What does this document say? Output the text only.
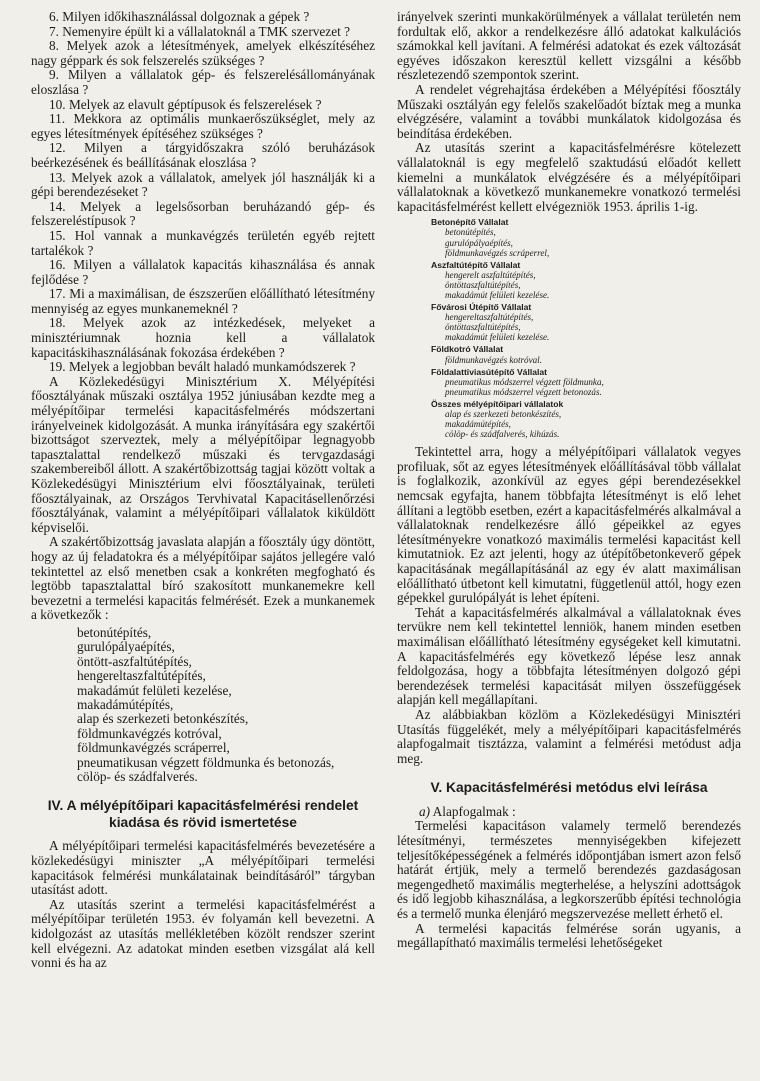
6. Milyen időkihasználással dolgoznak a gépek ?

7. Nemenyire épült ki a vállalatoknál a TMK szervezet ?

8. Melyek azok a létesítmények, amelyek elkészítéséhez nagy géppark és sok felszerelés szükséges ?

9. Milyen a vállalatok gép- és felszerelésállományának eloszlása ?

10. Melyek az elavult géptípusok és felszerelések ?

11. Mekkora az optimális munkaerőszükséglet, mely az egyes létesítmények építéséhez szükséges ?

12. Milyen a tárgyidőszakra szóló beruházások beérkezésének és beállításának eloszlása ?

13. Melyek azok a vállalatok, amelyek jól használják ki a gépi berendezéseket ?

14. Melyek a legelsősorban beruházandó gép- és felszereléstípusok ?

15. Hol vannak a munkavégzés területén egyéb rejtett tartalékok ?

16. Milyen a vállalatok kapacitás kihasználása és annak fejlődése ?

17. Mi a maximálisan, de észszerűen előállítható létesítmény mennyiség az egyes munkanemeknél ?

18. Melyek azok az intézkedések, melyeket a minisztériumnak hoznia kell a vállalatok kapacitáskihasználásának fokozása érdekében ?

19. Melyek a legjobban bevált haladó munkamódszerek ?

A Közlekedésügyi Minisztérium X. Mélyépítési főosztályának műszaki osztálya 1952 júniusában kezdte meg a mélyépítőipar termelési kapacitásfelmérés módszertani irányelveinek kidolgozását. A munka irányítására egy szakértői bizottságot szerveztek, mely a mélyépítőipar legnagyobb tapasztalattal rendelkező műszaki és tervgazdasági szakembereiből állott. A szakértőbizottság tagjai között voltak a Közlekedésügyi Minisztérium elvi főosztályainak, területi főosztályainak, az Országos Tervhivatal Kapacitásellenőrzési főosztályának, valamint a mélyépítőipari vállalatok kiküldött képviselői.

A szakértőbizottság javaslata alapján a főosztály úgy döntött, hogy az új feladatokra és a mélyépítőipar sajátos jellegére való tekintettel az első menetben csak a konkréten megfogható és legtöbb tapasztalattal bíró szakosított munkanemekre kell bevezetni a termelési kapacitás felmérését. Ezek a munkanemek a következők :

betonútépítés,
gurulópályaépítés,
öntött-aszfaltútépítés,
hengereltaszfaltútépítés,
makadámút felületi kezelése,
makadámútépítés,
alap és szerkezeti betonkészítés,
földmunkavégzés kotróval,
földmunkavégzés scráperrel,
pneumatikusan végzett földmunka és betonozás,
cölöp- és szádfalverés.
IV. A mélyépítőipari kapacitásfelmérési rendelet kiadása és rövid ismertetése

A mélyépítőipari termelési kapacitásfelmérés bevezetésére a közlekedésügyi miniszter „A mélyépítőipari termelési kapacitások felmérési munkálatainak beindításáról” tárgyban utasítást adott.

Az utasítás szerint a termelési kapacitásfelmérést a mélyépítőipar területén 1953. év folyamán kell bevezetni. A kidolgozást az utasítás mellékletében közölt rendszer szerint kell elvégezni. Az adatokat minden esetben vizsgálat alá kell vonni és ha az

irányelvek szerinti munkakörülmények a vállalat területén nem fordultak elő, akkor a rendelkezésre álló adatokat kalkulációs számokkal kell javítani. A felmérési adatokat és ezek változását egyéves időszakon keresztül kellett vizsgálni a később részletezendő szempontok szerint.

A rendelet végrehajtása érdekében a Mélyépítési főosztály Műszaki osztályán egy felelős szakelőadót bíztak meg a munka elvégzésére, valamint a további munkálatok kidolgozása és beindítása érdekében.

Az utasítás szerint a kapacitásfelmérésre kötelezett vállalatoknál is egy megfelelő szaktudású előadót kellett kiemelni a munkálatok elvégzésére és a mélyépítőipari vállalatoknak a következő munkanemekre vonatkozó termelési kapacitásfelmérést kellett elvégezniök 1953. április 1-ig.

Betonépítő Vállalat
betonútépítés,
gurulópályaépítés,
földmunkavégzés scráperrel,
Aszfaltútépítő Vállalat
hengerelt aszfaltútépítés,
öntöttaszfaltútépítés,
makadámút felületi kezelése.
Fővárosi Útépítő Vállalat
hengereltaszfaltútépítés,
öntöttaszfaltútépítés,
makadámút felületi kezelése.
Földkotró Vállalat
földmunkavégzés kotróval.
Földalattiviasútépítő Vállalat
pneumatikus módszerrel végzett földmunka,
pneumatikus módszerrel végzett betonozás.
Összes mélyépítőipari vállalatok
alap és szerkezeti betonkészítés,
makadámútépítés,
cölöp- és szádfalverés, kihúzás.

Tekintettel arra, hogy a mélyépítőipari vállalatok vegyes profiluak, sőt az egyes létesítmények előállításával több vállalat is foglalkozik, azonkívül az egyes gépi berendezésekkel nemcsak egyfajta, hanem többfajta létesítményt is elő lehet állítani a legtöbb esetben, ezért a kapacitásfelmérés alkalmával a vállalatoknak rendelkezésre álló gépeikkel az egyes létesítményekre vonatkozó maximális termelési kapacitást kell kimutatniok. Ez azt jelenti, hogy az útépítőbetonkeverő gépek kapacitásának megállapításánál az egy év alatt maximálisan előállítható útbetont kell kimutatni, függetlenül attól, hogy ezen gépekkel gurulópályát is lehet építeni.

Tehát a kapacitásfelmérés alkalmával a vállalatoknak éves tervükre nem kell tekintettel lenniök, hanem minden esetben maximálisan előállítható létesítmény egységeket kell kimutatni. A kapacitásfelmérés egy következő lépése lesz annak feldolgozása, hogy a többfajta létesítményen dolgozó gépi berendezések termelési kapacitását milyen összefüggések alapján kell megállapítani.

Az alábbiakban közlöm a Közlekedésügyi Minisztéri Utasítás függelékét, mely a mélyépítőipari kapacitásfelmérés alapfogalmait tisztázza, valamint a felmérési metódust adja meg.

V. Kapacitásfelmérési metódus elvi leírása

a) Alapfogalmak :

Termelési kapacitáson valamely termelő berendezés létesítményi, természetes mennyiségekben kifejezett teljesítőképességének a felmérés időpontjában ismert azon felső határát értjük, mely a termelő berendezés gazdaságosan megengedhető maximális megterhelése, a helyszíni adottságok és idő legjobb kihasználása, a legkorszerűbb építési technológia és a termelő munka élenjáró megszervezése mellett érhető el.

A termelési kapacitás felmérése során ugyanis, a megállapítható maximális termelési lehetőségeket
